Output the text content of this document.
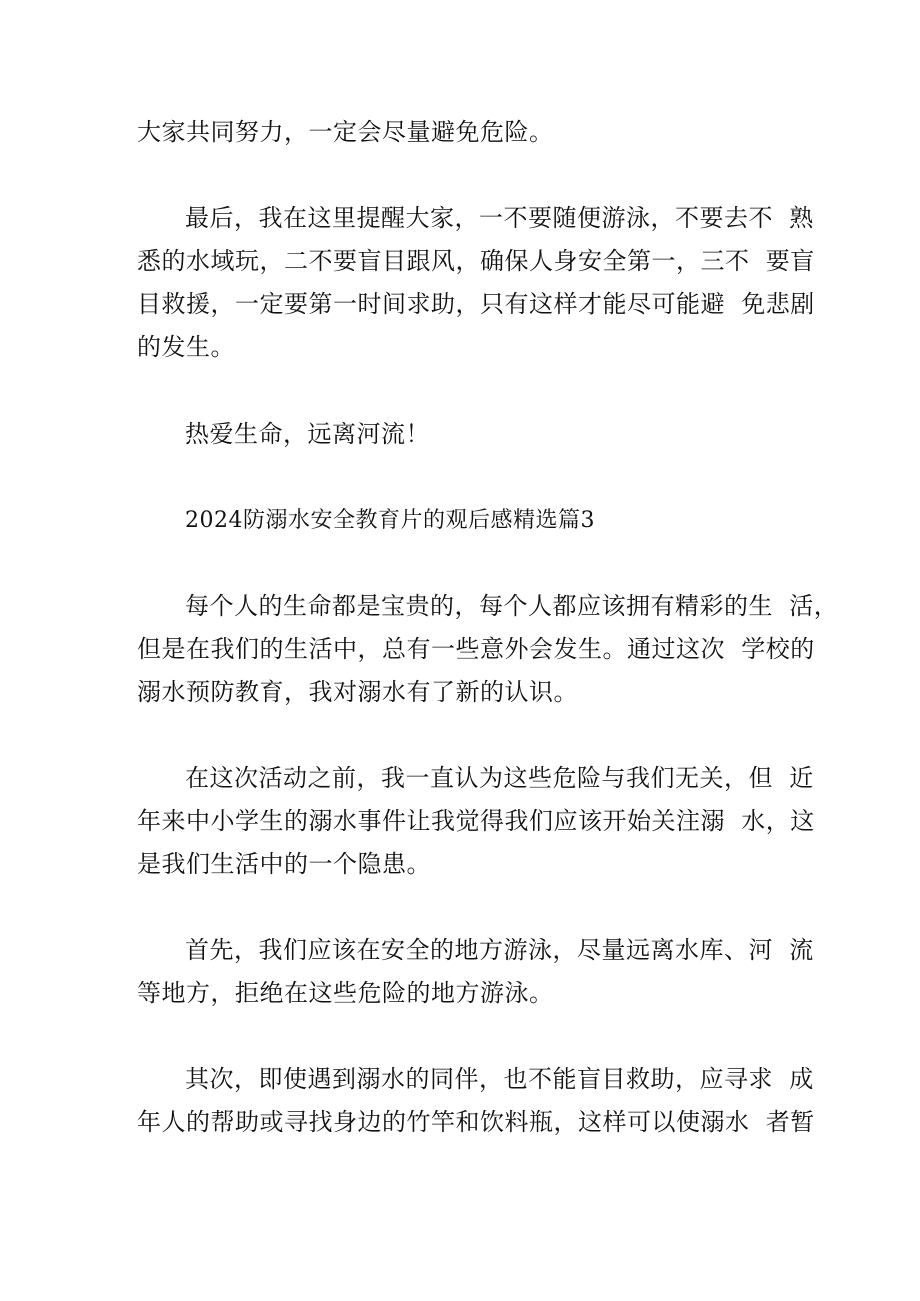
大家共同努力，一定会尽量避免危险。
最后，我在这里提醒大家，一不要随便游泳，不要去不  熟
悉的水域玩，二不要盲目跟风，确保人身安全第一，三不  要盲
目救援，一定要第一时间求助，只有这样才能尽可能避  免悲剧
的发生。
热爱生命，远离河流！
2024防溺水安全教育片的观后感精选篇3
每个人的生命都是宝贵的，每个人都应该拥有精彩的生  活，
但是在我们的生活中，总有一些意外会发生。通过这次  学校的
溺水预防教育，我对溺水有了新的认识。
在这次活动之前，我一直认为这些危险与我们无关，但  近
年来中小学生的溺水事件让我觉得我们应该开始关注溺  水，这
是我们生活中的一个隐患。
首先，我们应该在安全的地方游泳，尽量远离水库、河  流
等地方，拒绝在这些危险的地方游泳。
其次，即使遇到溺水的同伴，也不能盲目救助，应寻求  成
年人的帮助或寻找身边的竹竿和饮料瓶，这样可以使溺水  者暂
